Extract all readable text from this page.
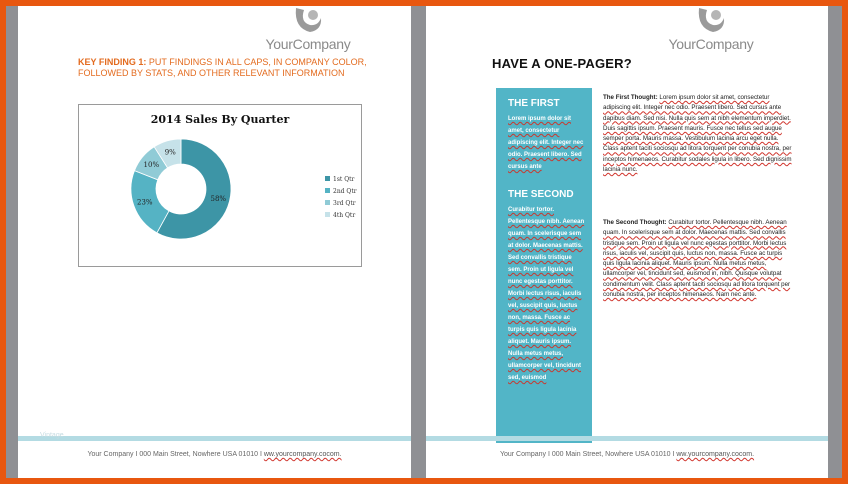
YourCompany
KEY FINDING 1: PUT FINDINGS IN ALL CAPS, IN COMPANY COLOR, FOLLOWED BY STATS, AND OTHER RELEVANT INFORMATION
2014 Sales By Quarter
58%
23%
10%
9%
1st Qtr
2nd Qtr
3rd Qtr
4th Qtr
Vintage
Your Company I 000 Main Street, Nowhere USA 01010 I ww.yourcompany.cocom.
YourCompany
HAVE A ONE-PAGER?
THE FIRST
Lorem ipsum dolor sit amet, consectetur adipiscing elit. Integer nec odio. Praesent libero. Sed cursus ante
THE SECOND
Curabitur tortor. Pellentesque nibh. Aenean quam. In scelerisque sem at dolor. Maecenas mattis. Sed convallis tristique sem. Proin ut ligula vel nunc egestas porttitor. Morbi lectus risus, iaculis vel, suscipit quis, luctus non, massa. Fusce ac turpis quis ligula lacinia aliquet. Mauris ipsum. Nulla metus metus, ullamcorper vel, tincidunt sed, euismod
The First Thought: Lorem ipsum dolor sit amet, consectetur adipiscing elit. Integer nec odio. Praesent libero. Sed cursus ante dapibus diam. Sed nisi. Nulla quis sem at nibh elementum imperdiet. Duis sagittis ipsum. Praesent mauris. Fusce nec tellus sed augue semper porta. Mauris massa. Vestibulum lacinia arcu eget nulla. Class aptent taciti sociosqu ad litora torquent per conubia nostra, per inceptos himenaeos. Curabitur sodales ligula in libero. Sed dignissim lacinia nunc.
The Second Thought: Curabitur tortor. Pellentesque nibh. Aenean quam. In scelerisque sem at dolor. Maecenas mattis. Sed convallis tristique sem. Proin ut ligula vel nunc egestas porttitor. Morbi lectus risus, iaculis vel, suscipit quis, luctus non, massa. Fusce ac turpis quis ligula lacinia aliquet. Mauris ipsum. Nulla metus metus, ullamcorper vel, tincidunt sed, euismod in, nibh. Quisque volutpat condimentum velit. Class aptent taciti sociosqu ad litora torquent per conubia nostra, per inceptos himenaeos. Nam nec ante.
Your Company I 000 Main Street, Nowhere USA 01010 I ww.yourcompany.cocom.
